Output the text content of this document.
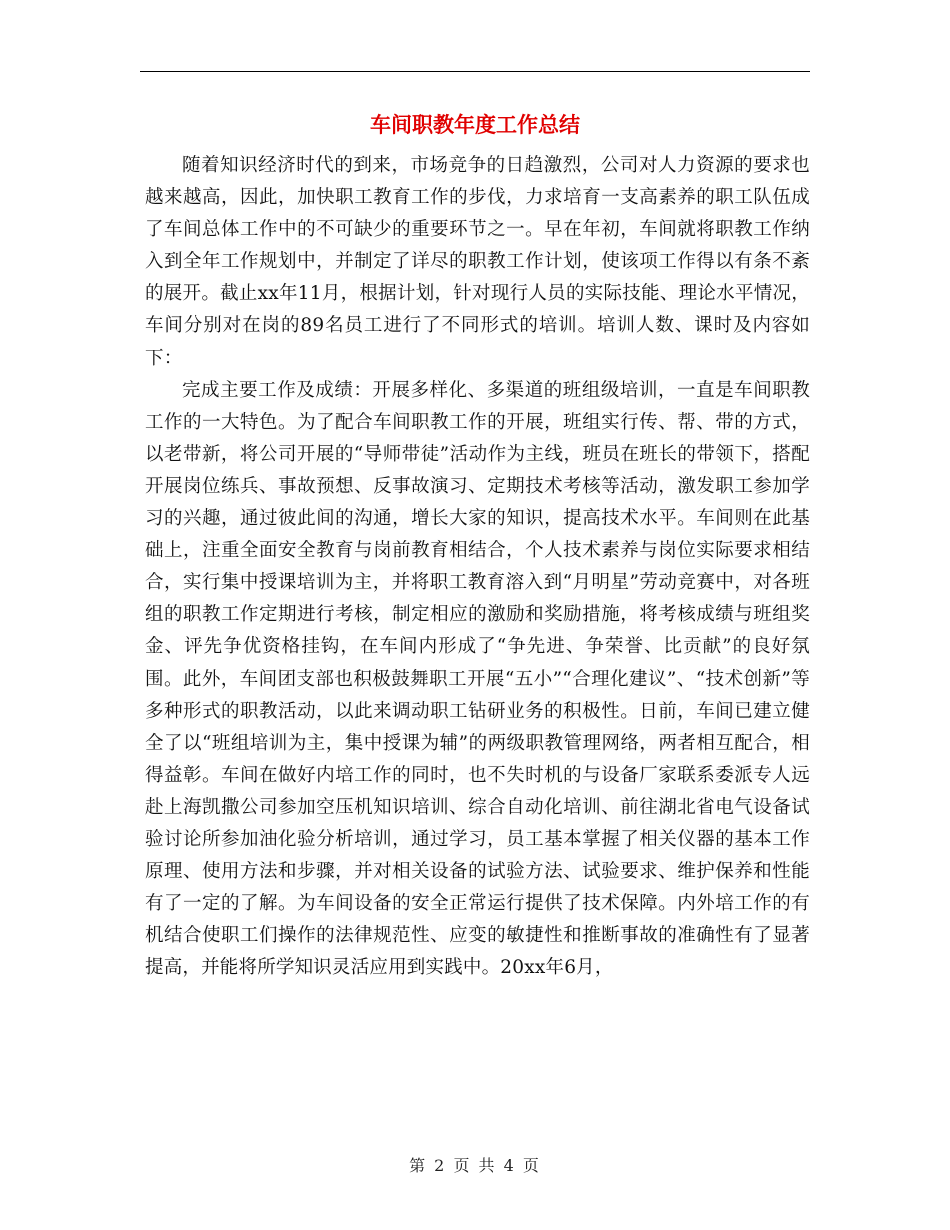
车间职教年度工作总结

随着知识经济时代的到来，市场竞争的日趋激烈，公司对人力资源的要求也越来越高，因此，加快职工教育工作的步伐，力求培育一支高素养的职工队伍成了车间总体工作中的不可缺少的重要环节之一。早在年初，车间就将职教工作纳入到全年工作规划中，并制定了详尽的职教工作计划，使该项工作得以有条不紊的展开。截止xx年11月，根据计划，针对现行人员的实际技能、理论水平情况，车间分别对在岗的89名员工进行了不同形式的培训。培训人数、课时及内容如下：

完成主要工作及成绩：开展多样化、多渠道的班组级培训，一直是车间职教工作的一大特色。为了配合车间职教工作的开展，班组实行传、帮、带的方式，以老带新，将公司开展的“导师带徒”活动作为主线，班员在班长的带领下，搭配开展岗位练兵、事故预想、反事故演习、定期技术考核等活动，激发职工参加学习的兴趣，通过彼此间的沟通，增长大家的知识，提高技术水平。车间则在此基础上，注重全面安全教育与岗前教育相结合，个人技术素养与岗位实际要求相结合，实行集中授课培训为主，并将职工教育溶入到“月明星”劳动竞赛中，对各班组的职教工作定期进行考核，制定相应的激励和奖励措施，将考核成绩与班组奖金、评先争优资格挂钩，在车间内形成了“争先进、争荣誉、比贡献”的良好氛围。此外，车间团支部也积极鼓舞职工开展“五小”“合理化建议”、“技术创新”等多种形式的职教活动，以此来调动职工钻研业务的积极性。日前，车间已建立健全了以“班组培训为主，集中授课为辅”的两级职教管理网络，两者相互配合，相得益彰。车间在做好内培工作的同时，也不失时机的与设备厂家联系委派专人远赴上海凯撒公司参加空压机知识培训、综合自动化培训、前往湖北省电气设备试验讨论所参加油化验分析培训，通过学习，员工基本掌握了相关仪器的基本工作原理、使用方法和步骤，并对相关设备的试验方法、试验要求、维护保养和性能有了一定的了解。为车间设备的安全正常运行提供了技术保障。内外培工作的有机结合使职工们操作的法律规范性、应变的敏捷性和推断事故的准确性有了显著提高，并能将所学知识灵活应用到实践中。20xx年6月，

第 2 页 共 4 页
